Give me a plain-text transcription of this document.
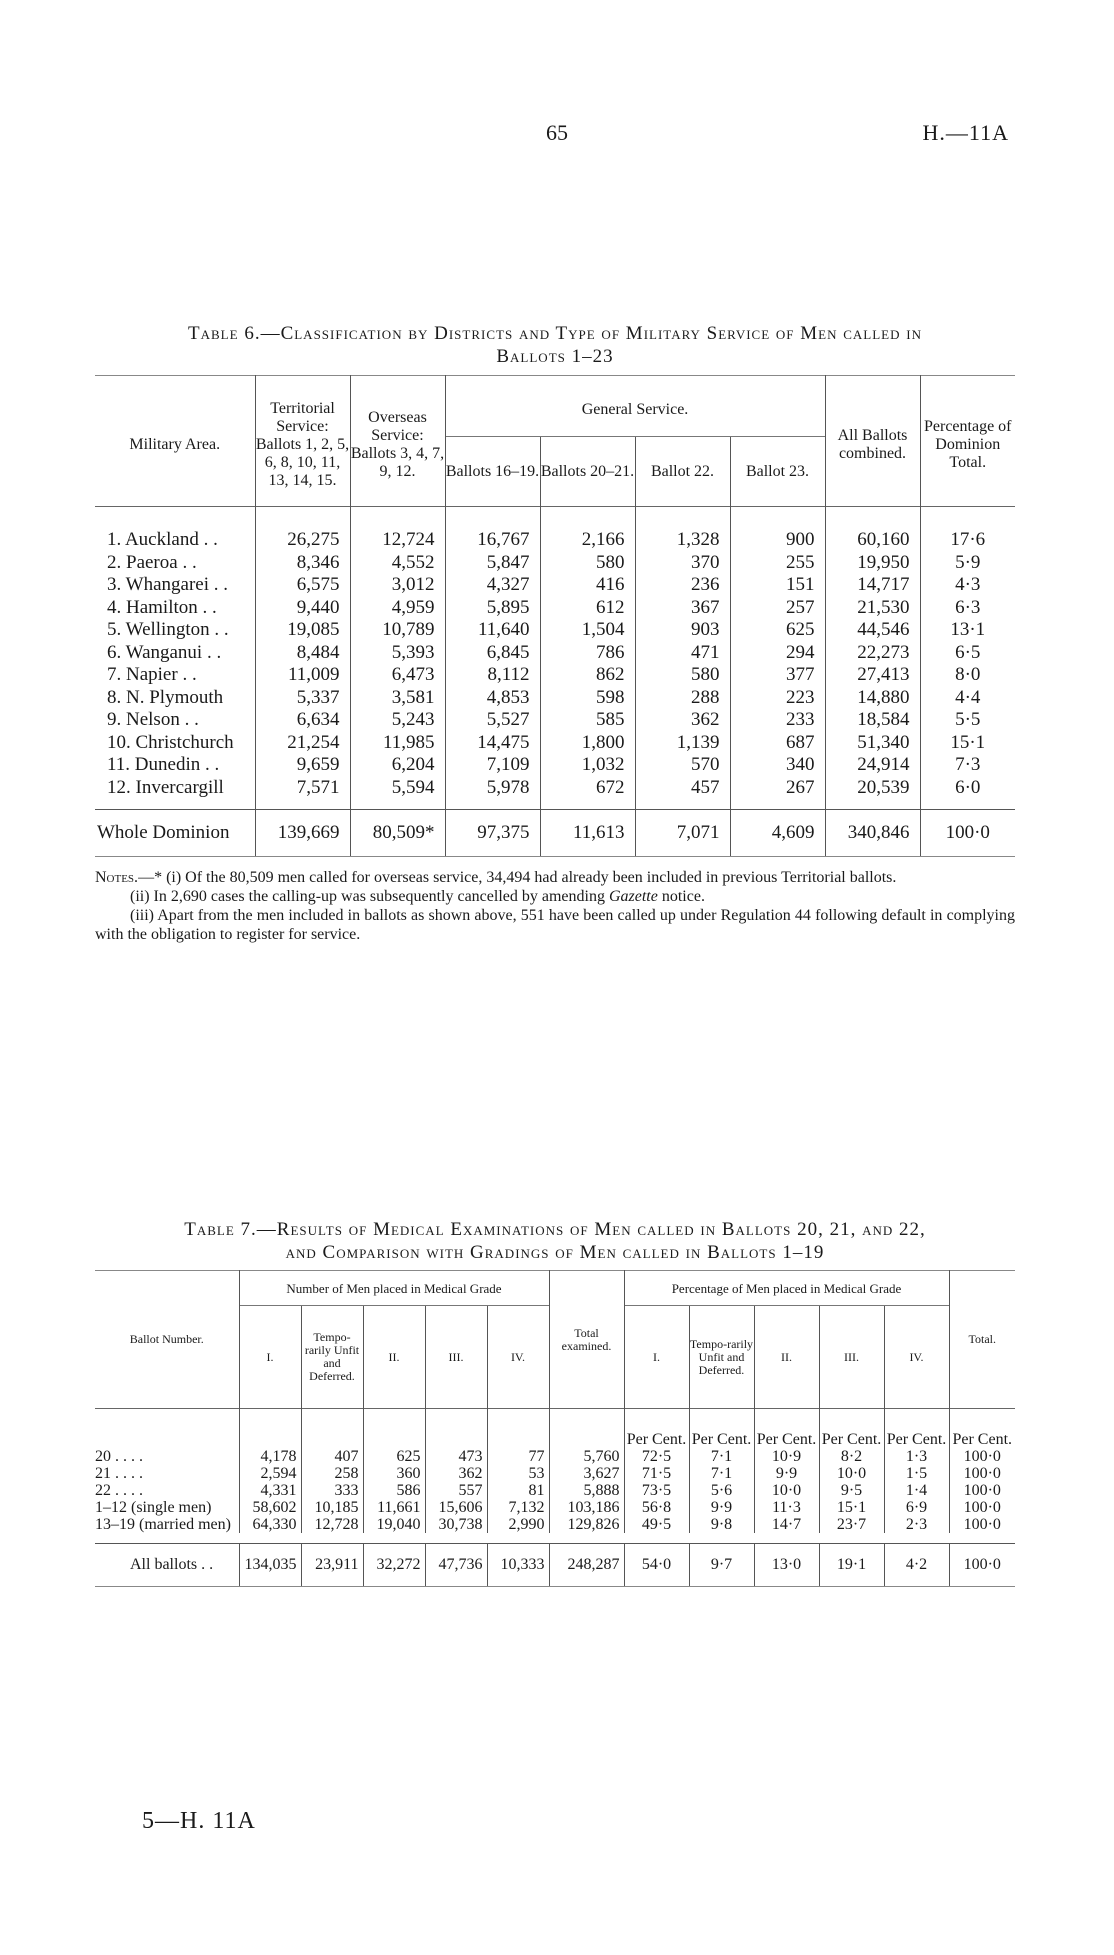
65	H.—11A
Table 6.—Classification by Districts and Type of Military Service of Men called in
Ballots 1–23
Military Area.	Territorial Service: Ballots 1, 2, 5, 6, 8, 10, 11, 13, 14, 15.	Overseas Service: Ballots 3, 4, 7, 9, 12.	General Service.				All Ballots combined.	Percentage of Dominion Total.
			Ballots 16–19.	Ballots 20–21.	Ballot 22.	Ballot 23.		
1. Auckland . .	26,275	12,724	16,767	2,166	1,328	900	60,160	17·6
2. Paeroa . .	8,346	4,552	5,847	580	370	255	19,950	5·9
3. Whangarei . .	6,575	3,012	4,327	416	236	151	14,717	4·3
4. Hamilton . .	9,440	4,959	5,895	612	367	257	21,530	6·3
5. Wellington . .	19,085	10,789	11,640	1,504	903	625	44,546	13·1
6. Wanganui . .	8,484	5,393	6,845	786	471	294	22,273	6·5
7. Napier . .	11,009	6,473	8,112	862	580	377	27,413	8·0
8. N. Plymouth	5,337	3,581	4,853	598	288	223	14,880	4·4
9. Nelson . .	6,634	5,243	5,527	585	362	233	18,584	5·5
10. Christchurch	21,254	11,985	14,475	1,800	1,139	687	51,340	15·1
11. Dunedin . .	9,659	6,204	7,109	1,032	570	340	24,914	7·3
12. Invercargill	7,571	5,594	5,978	672	457	267	20,539	6·0
Whole Dominion	139,669	80,509*	97,375	11,613	7,071	4,609	340,846	100·0

Notes.—* (i) Of the 80,509 men called for overseas service, 34,494 had already been included in previous Territorial ballots.

(ii) In 2,690 cases the calling-up was subsequently cancelled by amending Gazette notice.

(iii) Apart from the men included in ballots as shown above, 551 have been called up under Regulation 44 following default in complying with the obligation to register for service.

Table 7.—Results of Medical Examinations of Men called in Ballots 20, 21, and 22,
and Comparison with Gradings of Men called in Ballots 1–19
Ballot Number.	Number of Men placed in Medical Grade					Total examined.	Percentage of Men placed in Medical Grade					Total.
	I.	Tempo-rarily Unfit and Deferred.	II.	III.	IV.		I.	Tempo-rarily Unfit and Deferred.	II.	III.	IV.	
							Per Cent.	Per Cent.	Per Cent.	Per Cent.	Per Cent.	Per Cent.
20 . . . .	4,178	407	625	473	77	5,760	72·5	7·1	10·9	8·2	1·3	100·0
21 . . . .	2,594	258	360	362	53	3,627	71·5	7·1	9·9	10·0	1·5	100·0
22 . . . .	4,331	333	586	557	81	5,888	73·5	5·6	10·0	9·5	1·4	100·0
1–12 (single men)	58,602	10,185	11,661	15,606	7,132	103,186	56·8	9·9	11·3	15·1	6·9	100·0
13–19 (married men)	64,330	12,728	19,040	30,738	2,990	129,826	49·5	9·8	14·7	23·7	2·3	100·0

All ballots . .	134,035	23,911	32,272	47,736	10,333	248,287	54·0	9·7	13·0	19·1	4·2	100·0
5—H. 11A
